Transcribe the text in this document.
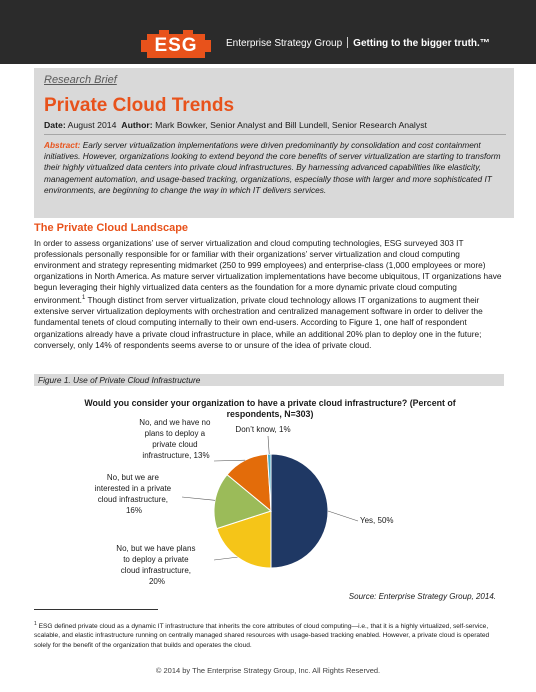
ESG	Enterprise Strategy Group Getting to the bigger truth.™
Research Brief
Private Cloud Trends
Date: August 2014 Author: Mark Bowker, Senior Analyst and Bill Lundell, Senior Research Analyst
Abstract: Early server virtualization implementations were driven predominantly by consolidation and cost containment initiatives. However, organizations looking to extend beyond the core benefits of server virtualization are starting to transform their highly virtualized data centers into private cloud infrastructures. By harnessing advanced capabilities like elasticity, management automation, and usage-based tracking, organizations, especially those with larger and more sophisticated IT environments, are beginning to change the way in which IT delivers services.
The Private Cloud Landscape
In order to assess organizations’ use of server virtualization and cloud computing technologies, ESG surveyed 303 IT professionals personally responsible for or familiar with their organizations’ server virtualization and cloud computing environment and strategy representing midmarket (250 to 999 employees) and enterprise-class (1,000 employees or more) organizations in North America. As mature server virtualization implementations have become ubiquitous, IT organizations have begun leveraging their highly virtualized data centers as the foundation for a more dynamic private cloud computing environment.$^1$ Though distinct from server virtualization, private cloud technology allows IT organizations to augment their extensive server virtualization deployments with orchestration and centralized management software in order to deliver the fundamental tenets of cloud computing internally to their own end-users. According to Figure 1, one half of respondent organizations already have a private cloud infrastructure in place, while an additional 20% plan to deploy one in the future; conversely, only 14% of respondents seems averse to or unsure of the idea of private cloud.
Figure 1. Use of Private Cloud Infrastructure
Would you consider your organization to have a private cloud infrastructure? (Percent of respondents, N=303)
Yes, 50%
Don’t know, 1%
No, and we have no plans to deploy a private cloud infrastructure, 13%
No, but we are interested in a private cloud infrastructure, 16%
No, but we have plans to deploy a private cloud infrastructure, 20%
Source: Enterprise Strategy Group, 2014.
$^1$ ESG defined private cloud as a dynamic IT infrastructure that inherits the core attributes of cloud computing—i.e., that it is a highly virtualized, self-service, scalable, and elastic infrastructure running on centrally managed shared resources with usage-based tracking enabled. However, a private cloud is operated solely for the benefit of the organization that builds and operates the cloud.
© 2014 by The Enterprise Strategy Group, Inc. All Rights Reserved.
